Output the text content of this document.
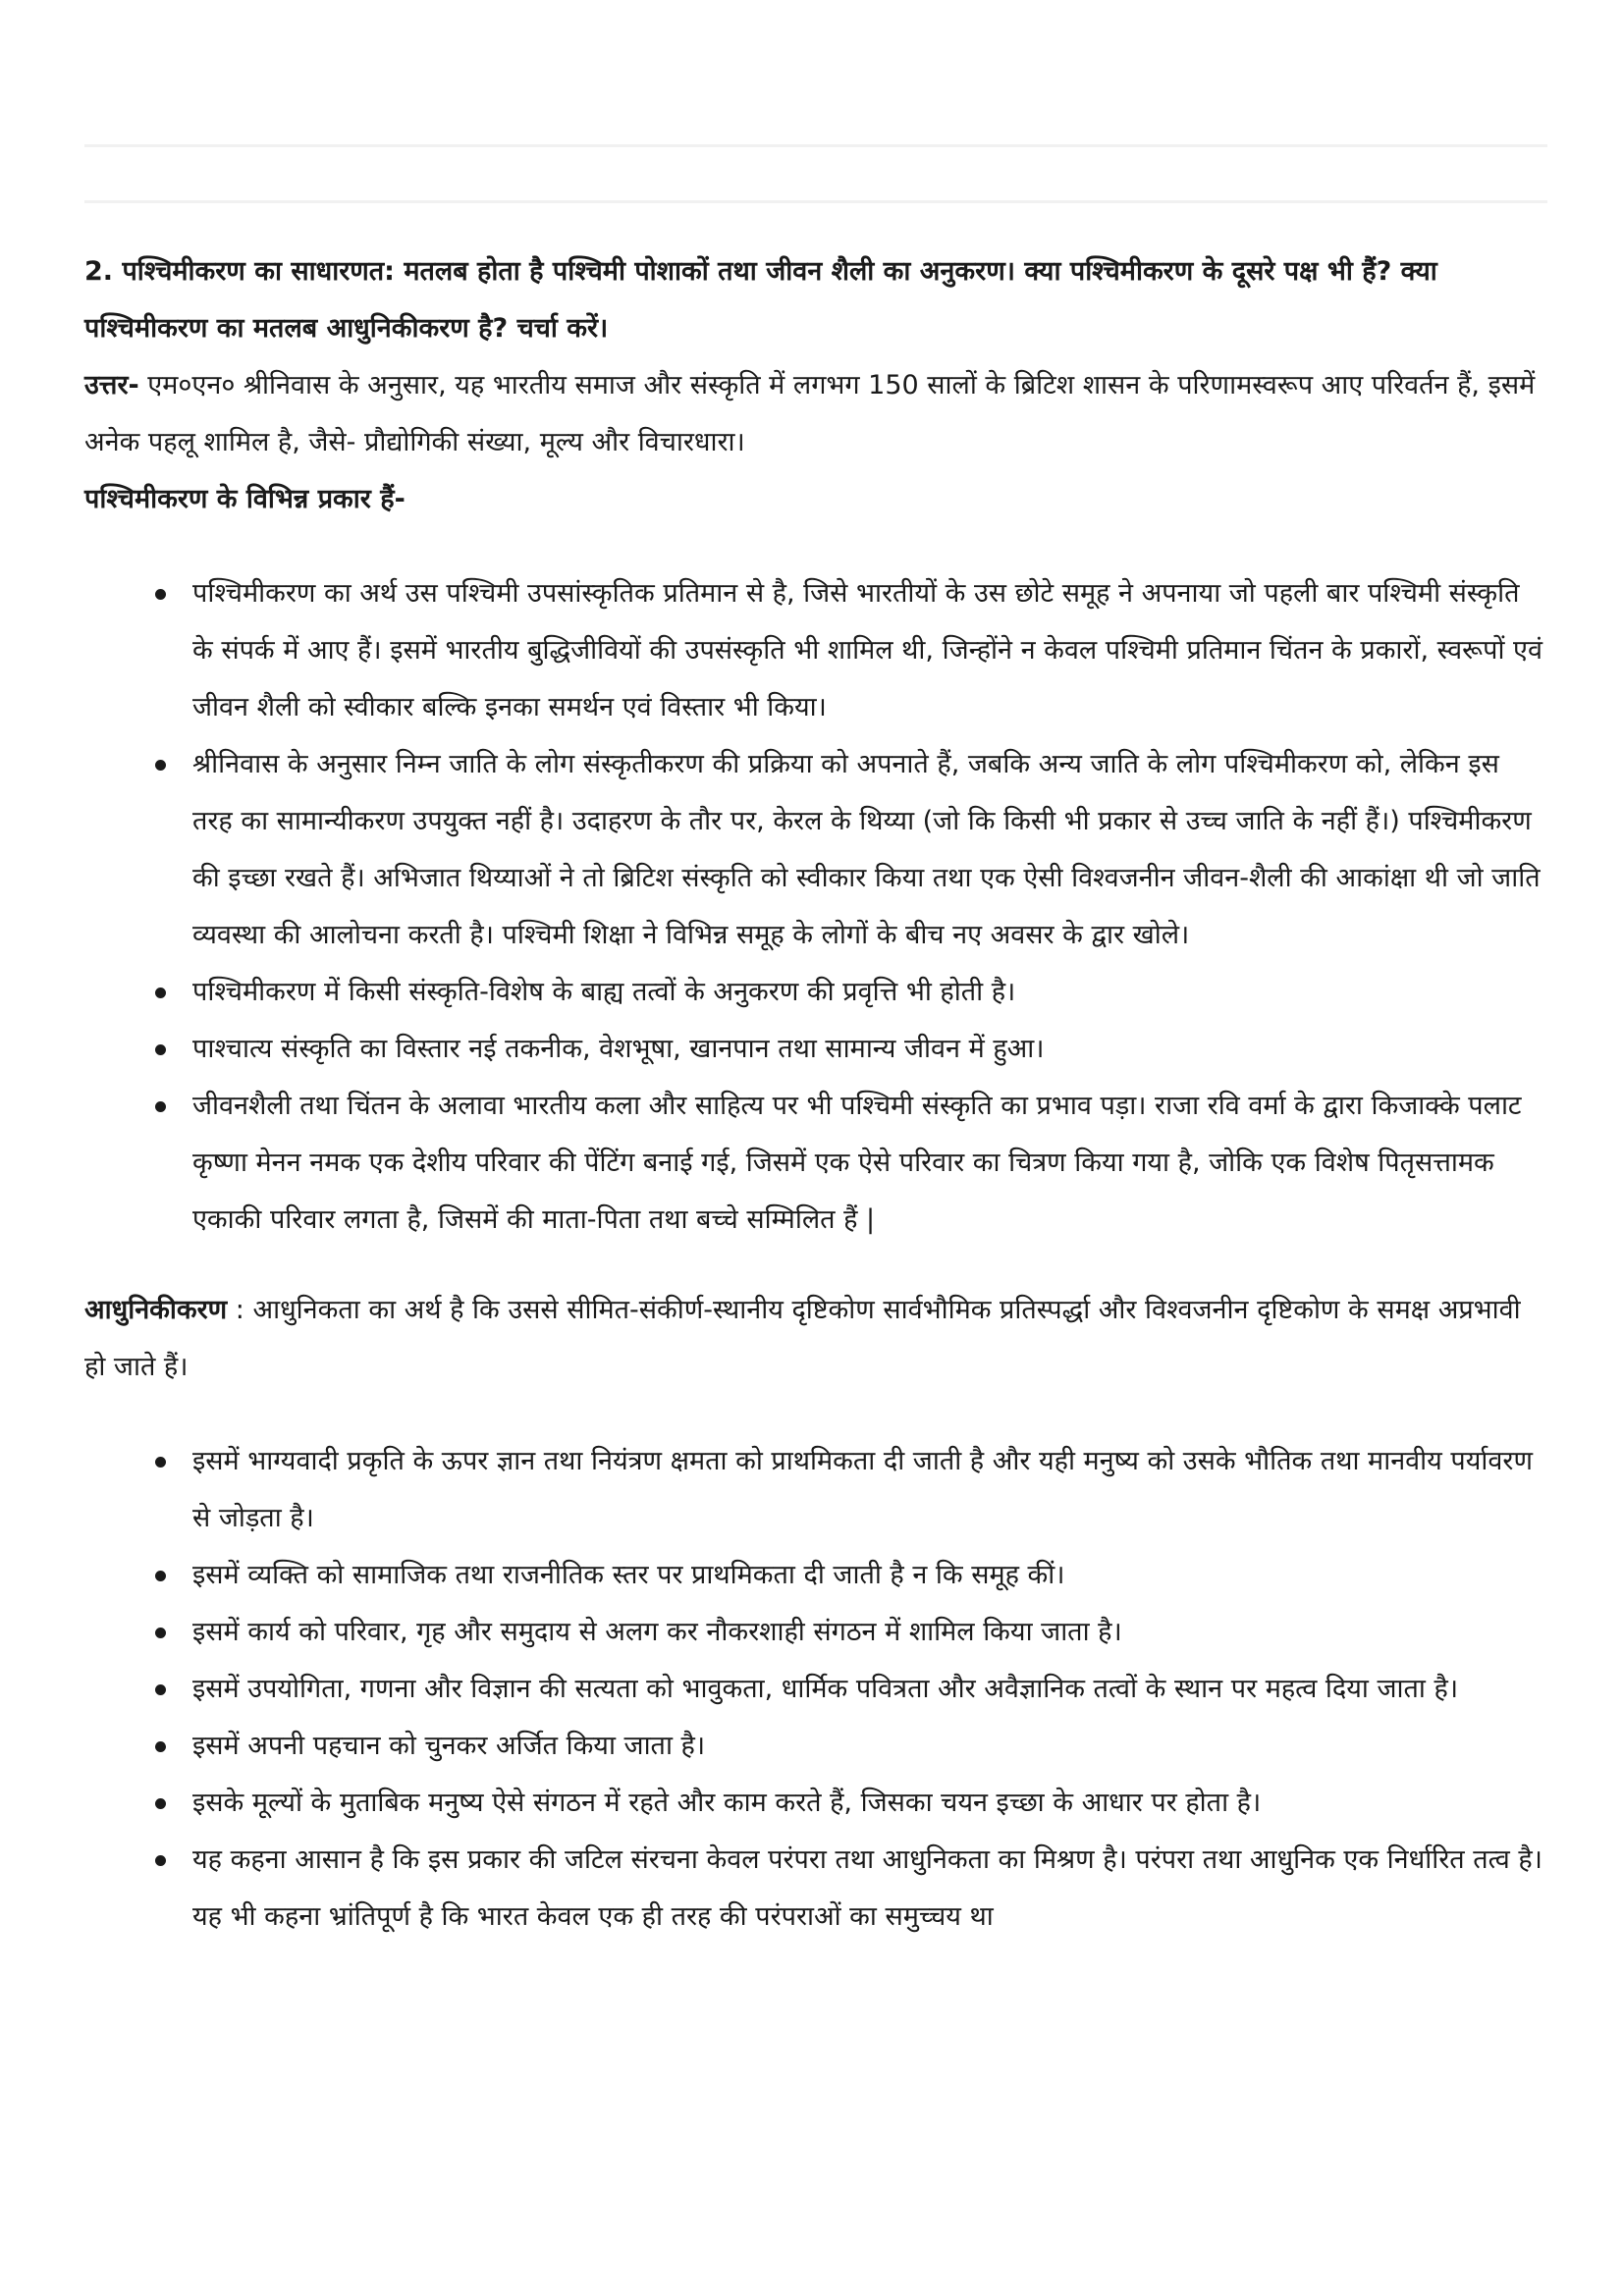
2. पश्चिमीकरण का साधारणत: मतलब होता है पश्चिमी पोशाकों तथा जीवन शैली का अनुकरण। क्या पश्चिमीकरण के दूसरे पक्ष भी हैं? क्या पश्चिमीकरण का मतलब आधुनिकीकरण है? चर्चा करें।

उत्तर- एम०एन० श्रीनिवास के अनुसार, यह भारतीय समाज और संस्कृति में लगभग 150 सालों के ब्रिटिश शासन के परिणामस्वरूप आए परिवर्तन हैं, इसमें अनेक पहलू शामिल है, जैसे- प्रौद्योगिकी संख्या, मूल्य और विचारधारा।

पश्चिमीकरण के विभिन्न प्रकार हैं-

पश्चिमीकरण का अर्थ उस पश्चिमी उपसांस्कृतिक प्रतिमान से है, जिसे भारतीयों के उस छोटे समूह ने अपनाया जो पहली बार पश्चिमी संस्कृति के संपर्क में आए हैं। इसमें भारतीय बुद्धिजीवियों की उपसंस्कृति भी शामिल थी, जिन्होंने न केवल पश्चिमी प्रतिमान चिंतन के प्रकारों, स्वरूपों एवं जीवन शैली को स्वीकार बल्कि इनका समर्थन एवं विस्तार भी किया।
श्रीनिवास के अनुसार निम्न जाति के लोग संस्कृतीकरण की प्रक्रिया को अपनाते हैं, जबकि अन्य जाति के लोग पश्चिमीकरण को, लेकिन इस तरह का सामान्यीकरण उपयुक्त नहीं है। उदाहरण के तौर पर, केरल के थिय्या (जो कि किसी भी प्रकार से उच्च जाति के नहीं हैं।) पश्चिमीकरण की इच्छा रखते हैं। अभिजात थिय्याओं ने तो ब्रिटिश संस्कृति को स्वीकार किया तथा एक ऐसी विश्वजनीन जीवन-शैली की आकांक्षा थी जो जाति व्यवस्था की आलोचना करती है। पश्चिमी शिक्षा ने विभिन्न समूह के लोगों के बीच नए अवसर के द्वार खोले।
पश्चिमीकरण में किसी संस्कृति-विशेष के बाह्य तत्वों के अनुकरण की प्रवृत्ति भी होती है।
पाश्चात्य संस्कृति का विस्तार नई तकनीक, वेशभूषा, खानपान तथा सामान्य जीवन में हुआ।
जीवनशैली तथा चिंतन के अलावा भारतीय कला और साहित्य पर भी पश्चिमी संस्कृति का प्रभाव पड़ा। राजा रवि वर्मा के द्वारा किजाक्के पलाट कृष्णा मेनन नमक एक देशीय परिवार की पेंटिंग बनाई गई, जिसमें एक ऐसे परिवार का चित्रण किया गया है, जोकि एक विशेष पितृसत्तामक एकाकी परिवार लगता है, जिसमें की माता-पिता तथा बच्चे सम्मिलित हैं |

आधुनिकीकरण : आधुनिकता का अर्थ है कि उससे सीमित-संकीर्ण-स्थानीय दृष्टिकोण सार्वभौमिक प्रतिस्पर्द्धा और विश्वजनीन दृष्टिकोण के समक्ष अप्रभावी हो जाते हैं।

इसमें भाग्यवादी प्रकृति के ऊपर ज्ञान तथा नियंत्रण क्षमता को प्राथमिकता दी जाती है और यही मनुष्य को उसके भौतिक तथा मानवीय पर्यावरण से जोड़ता है।
इसमें व्यक्ति को सामाजिक तथा राजनीतिक स्तर पर प्राथमिकता दी जाती है न कि समूह कीं।
इसमें कार्य को परिवार, गृह और समुदाय से अलग कर नौकरशाही संगठन में शामिल किया जाता है।
इसमें उपयोगिता, गणना और विज्ञान की सत्यता को भावुकता, धार्मिक पवित्रता और अवैज्ञानिक तत्वों के स्थान पर महत्व दिया जाता है।
इसमें अपनी पहचान को चुनकर अर्जित किया जाता है।
इसके मूल्यों के मुताबिक मनुष्य ऐसे संगठन में रहते और काम करते हैं, जिसका चयन इच्छा के आधार पर होता है।
यह कहना आसान है कि इस प्रकार की जटिल संरचना केवल परंपरा तथा आधुनिकता का मिश्रण है। परंपरा तथा आधुनिक एक निर्धारित तत्व है। यह भी कहना भ्रांतिपूर्ण है कि भारत केवल एक ही तरह की परंपराओं का समुच्चय था
